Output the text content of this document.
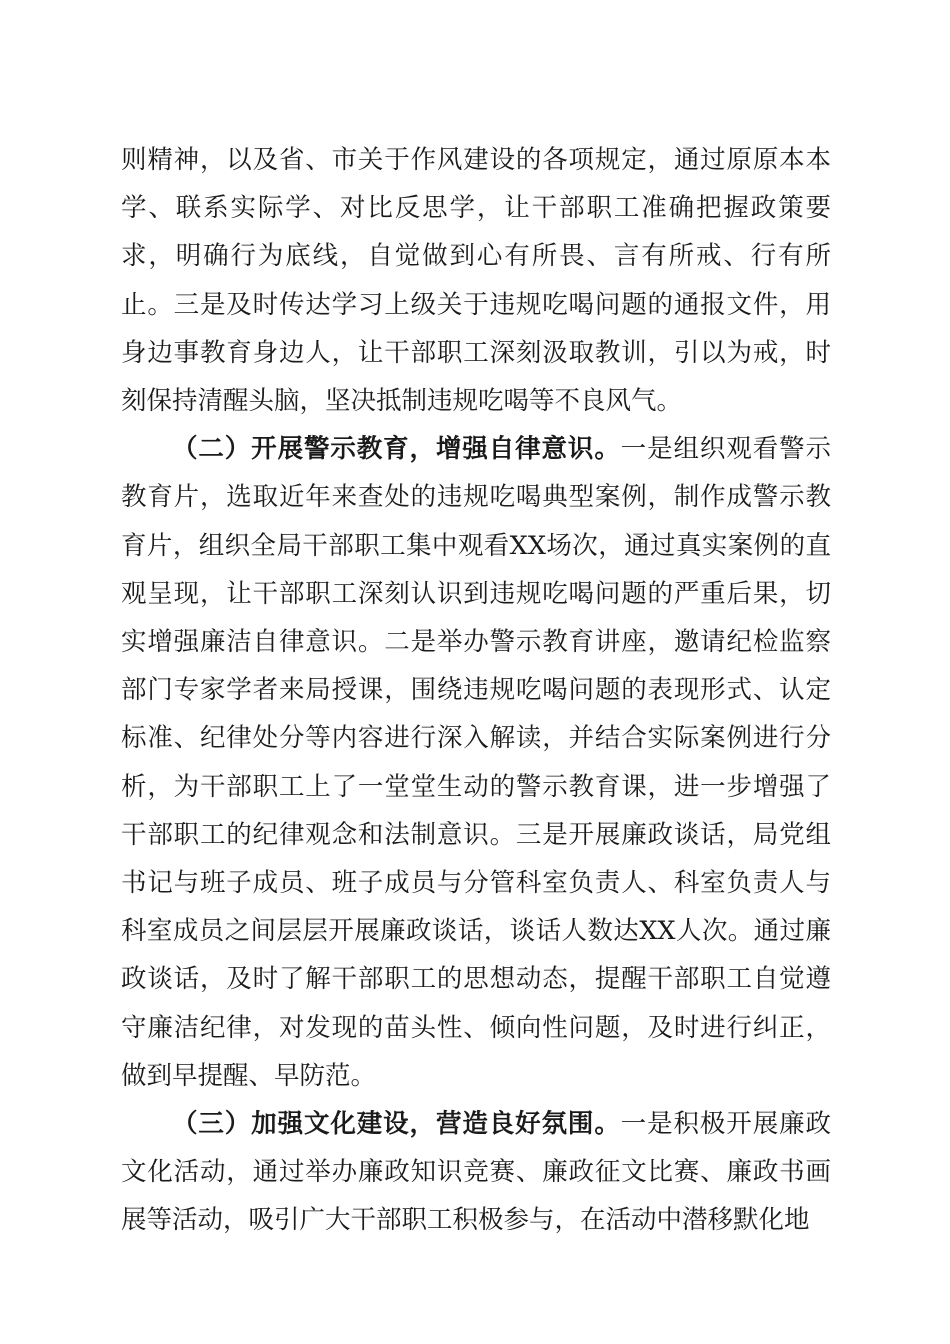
则精神，以及省、市关于作风建设的各项规定，通过原原本本学、联系实际学、对比反思学，让干部职工准确把握政策要求，明确行为底线，自觉做到心有所畏、言有所戒、行有所止。三是及时传达学习上级关于违规吃喝问题的通报文件，用身边事教育身边人，让干部职工深刻汲取教训，引以为戒，时刻保持清醒头脑，坚决抵制违规吃喝等不良风气。

（二）开展警示教育，增强自律意识。一是组织观看警示教育片，选取近年来查处的违规吃喝典型案例，制作成警示教育片，组织全局干部职工集中观看XX场次，通过真实案例的直观呈现，让干部职工深刻认识到违规吃喝问题的严重后果，切实增强廉洁自律意识。二是举办警示教育讲座，邀请纪检监察部门专家学者来局授课，围绕违规吃喝问题的表现形式、认定标准、纪律处分等内容进行深入解读，并结合实际案例进行分析，为干部职工上了一堂堂生动的警示教育课，进一步增强了干部职工的纪律观念和法制意识。三是开展廉政谈话，局党组书记与班子成员、班子成员与分管科室负责人、科室负责人与科室成员之间层层开展廉政谈话，谈话人数达XX人次。通过廉政谈话，及时了解干部职工的思想动态，提醒干部职工自觉遵守廉洁纪律，对发现的苗头性、倾向性问题，及时进行纠正，做到早提醒、早防范。

（三）加强文化建设，营造良好氛围。一是积极开展廉政文化活动，通过举办廉政知识竞赛、廉政征文比赛、廉政书画展等活动，吸引广大干部职工积极参与，在活动中潜移默化地
